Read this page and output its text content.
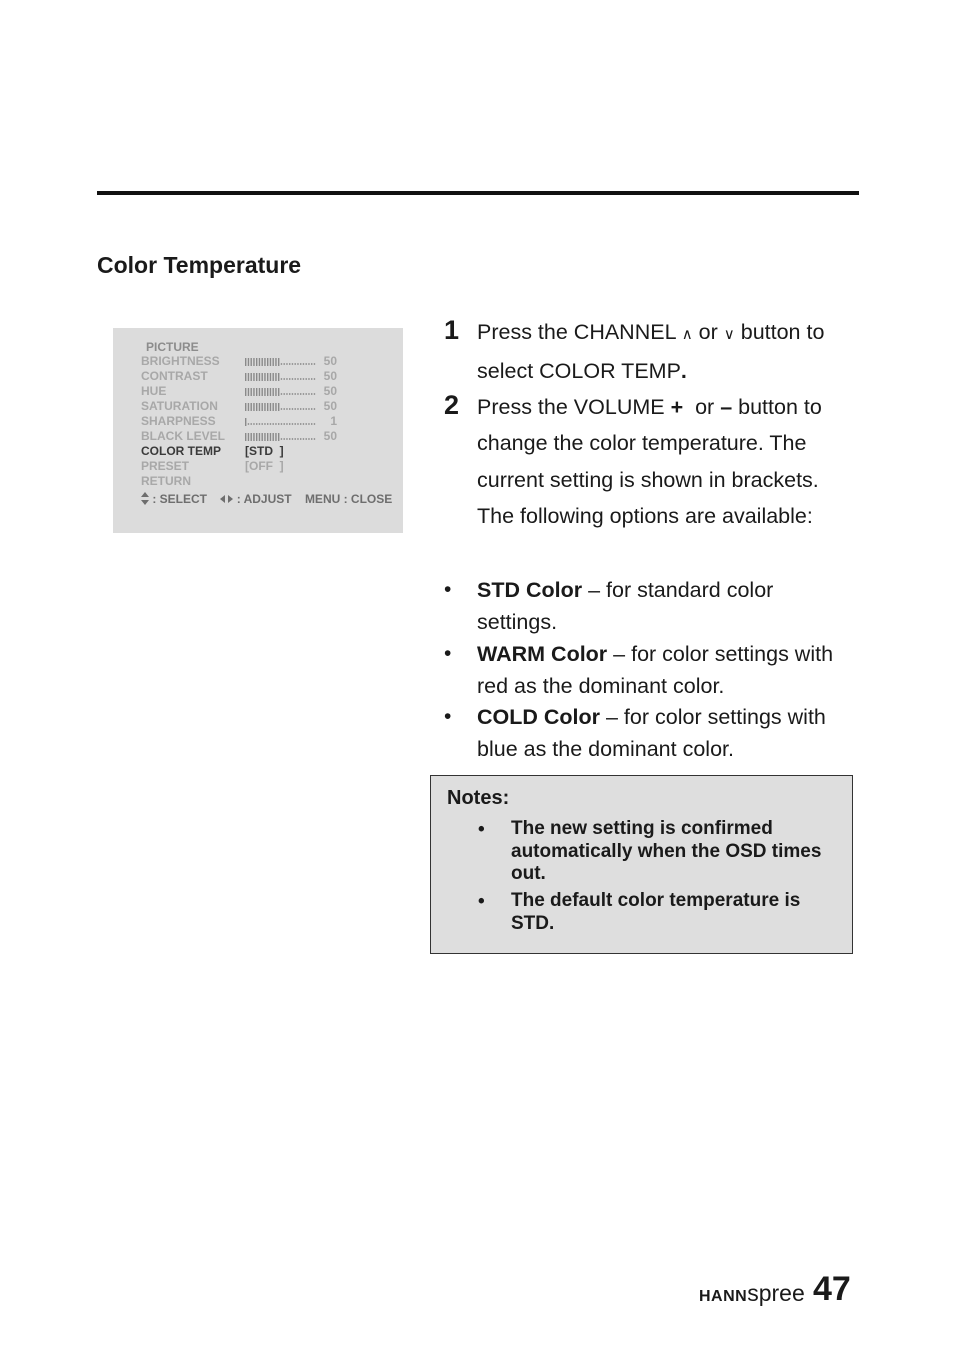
Color Temperature
PICTURE
BRIGHTNESS	50
CONTRAST	50
HUE	50
SATURATION	50
SHARPNESS	1
BLACK LEVEL	50
COLOR TEMP [STD  ]
PRESET	[OFF  ]
RETURN
: SELECT : ADJUST MENU : CLOSE
1 Press the CHANNEL ∧ or ∨ button to select COLOR TEMP.
2 Press the VOLUME +  or – button to change the color temperature. The current setting is shown in brackets. The following options are available:
• STD Color – for standard color settings.
• WARM Color – for color settings with red as the dominant color.
• COLD Color – for color settings with blue as the dominant color.
Notes:
• The new setting is confirmed automatically when the OSD times out.
• The default color temperature is STD.
HANNspree 47
